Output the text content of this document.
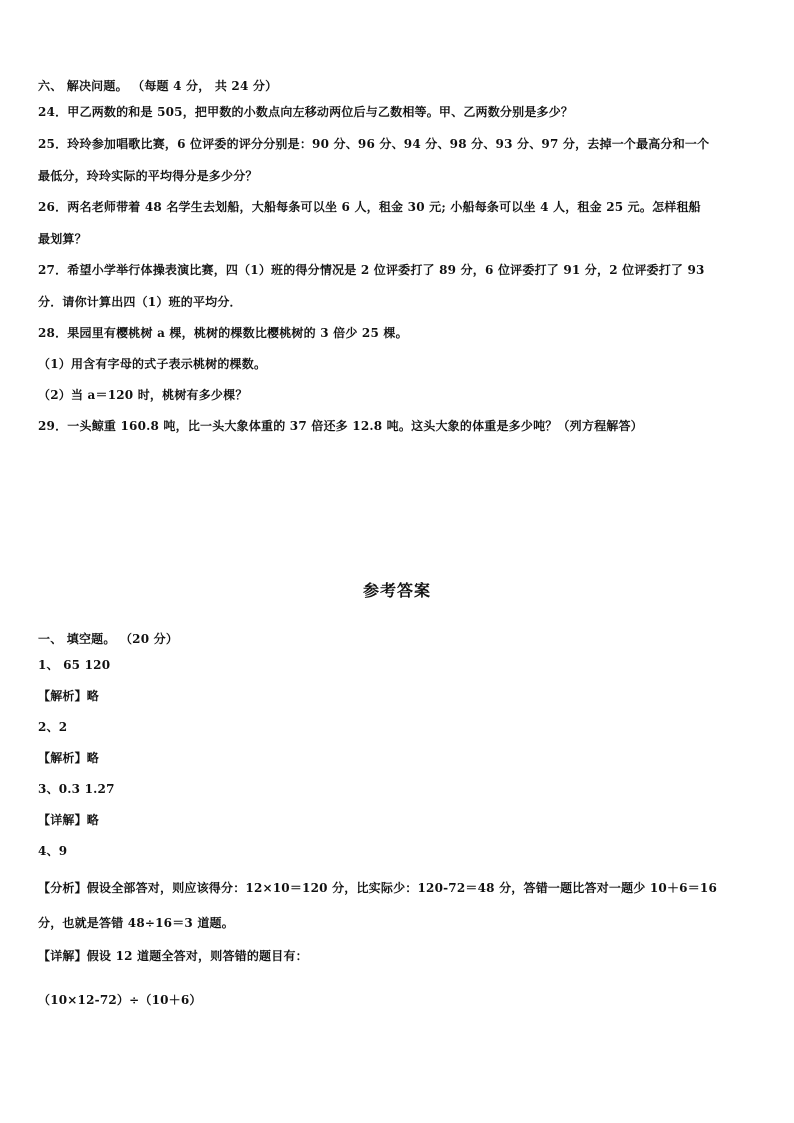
六、 解决问题。 （每题 4 分， 共 24 分）
24．甲乙两数的和是 505，把甲数的小数点向左移动两位后与乙数相等。甲、乙两数分别是多少？
25．玲玲参加唱歌比赛，6 位评委的评分分别是：90 分、96 分、94 分、98 分、93 分、97 分，去掉一个最高分和一个
最低分，玲玲实际的平均得分是多少分？
26．两名老师带着 48 名学生去划船，大船每条可以坐 6 人，租金 30 元; 小船每条可以坐 4 人，租金 25 元。怎样租船
最划算？
27．希望小学举行体操表演比赛，四（1）班的得分情况是 2 位评委打了 89 分，6 位评委打了 91 分，2 位评委打了 93
分．请你计算出四（1）班的平均分．
28．果园里有樱桃树 a 棵，桃树的棵数比樱桃树的 3 倍少 25 棵。
（1）用含有字母的式子表示桃树的棵数。
（2）当 a＝120 时，桃树有多少棵？
29．一头鲸重 160.8 吨，比一头大象体重的 37 倍还多 12.8 吨。这头大象的体重是多少吨？（列方程解答）
参考答案
一、 填空题。 （20 分）
1、 65 120
【解析】略
2、2
【解析】略
3、0.3 1.27
【详解】略
4、9
【分析】假设全部答对，则应该得分：12×10＝120 分，比实际少：120-72＝48 分，答错一题比答对一题少 10＋6＝16
分，也就是答错 48÷16＝3 道题。
【详解】假设 12 道题全答对，则答错的题目有：
（10×12-72）÷（10＋6）
